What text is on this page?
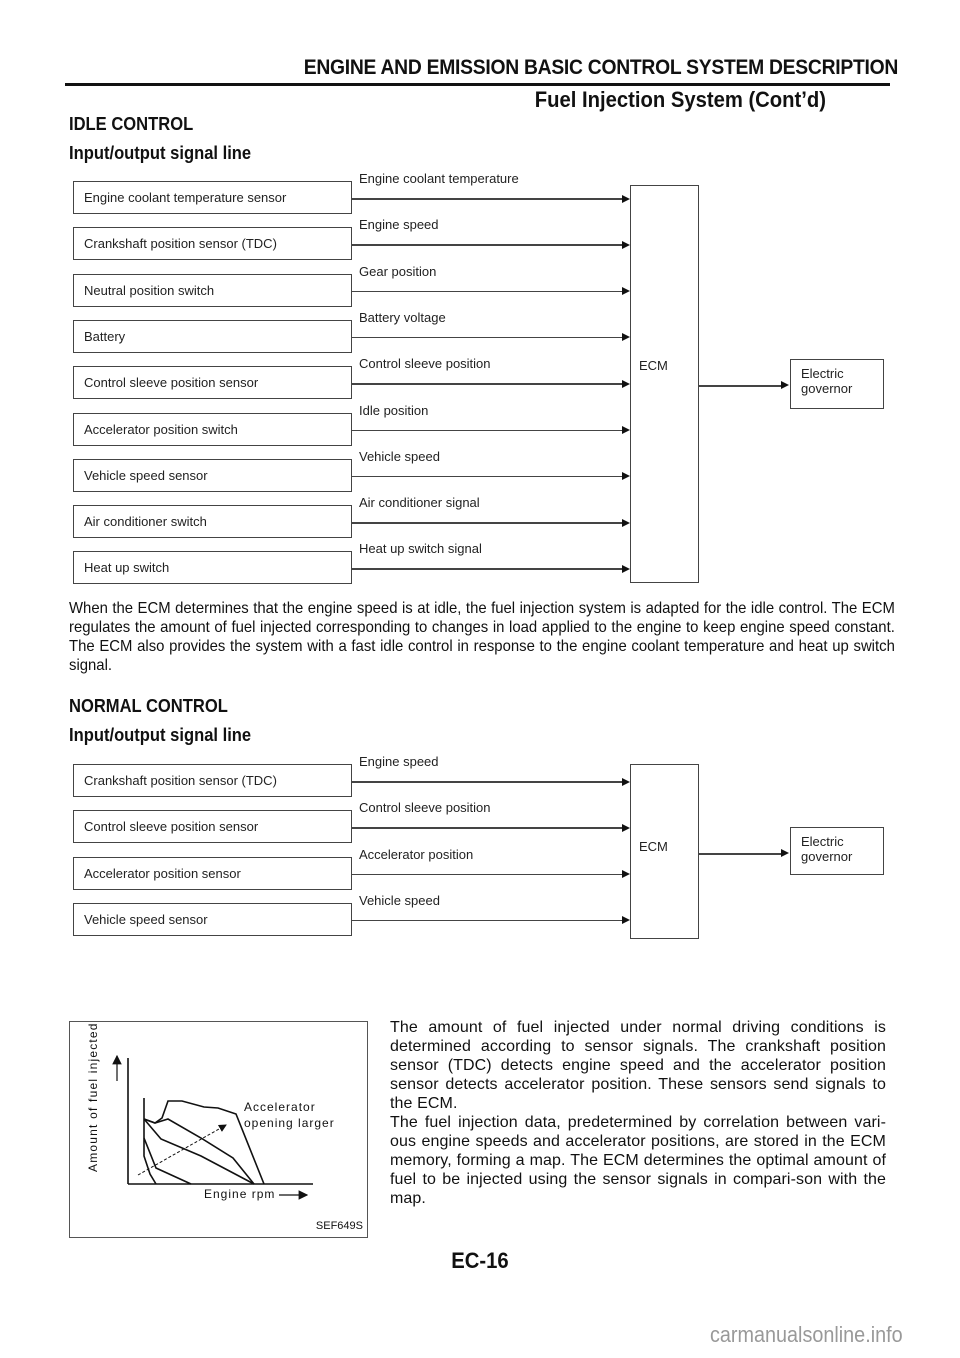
ENGINE AND EMISSION BASIC CONTROL SYSTEM DESCRIPTION
Fuel Injection System (Cont’d)
IDLE CONTROL
Input/output signal line
Engine coolant temperature sensor
Engine coolant temperature
Crankshaft position sensor (TDC)
Engine speed
Neutral position switch
Gear position
Battery
Battery voltage
Control sleeve position sensor
Control sleeve position
Accelerator position switch
Idle position
Vehicle speed sensor
Vehicle speed
Air conditioner switch
Air conditioner signal
Heat up switch
Heat up switch signal
ECM
Electric
governor
When the ECM determines that the engine speed is at idle, the fuel injection system is adapted for the idle control. The ECM regulates the amount of fuel injected corresponding to changes in load applied to the engine to keep engine speed constant. The ECM also provides the system with a fast idle control in response to the engine coolant temperature and heat up switch signal.
NORMAL CONTROL
Input/output signal line
Crankshaft position sensor (TDC)
Engine speed
Control sleeve position sensor
Control sleeve position
Accelerator position sensor
Accelerator position
Vehicle speed sensor
Vehicle speed
ECM	Electric
governor
Amount of fuel injected
Engine rpm
Accelerator
opening larger
SEF649S
The amount of fuel injected under normal driving conditions is determined according to sensor signals. The crankshaft position sensor (TDC) detects engine speed and the accelerator position sensor detects accelerator position. These sensors send signals to the ECM.
The fuel injection data, predetermined by correlation between vari-ous engine speeds and accelerator positions, are stored in the ECM memory, forming a map. The ECM determines the optimal amount of fuel to be injected using the sensor signals in compari-son with the map.
EC-16
carmanualsonline.info
